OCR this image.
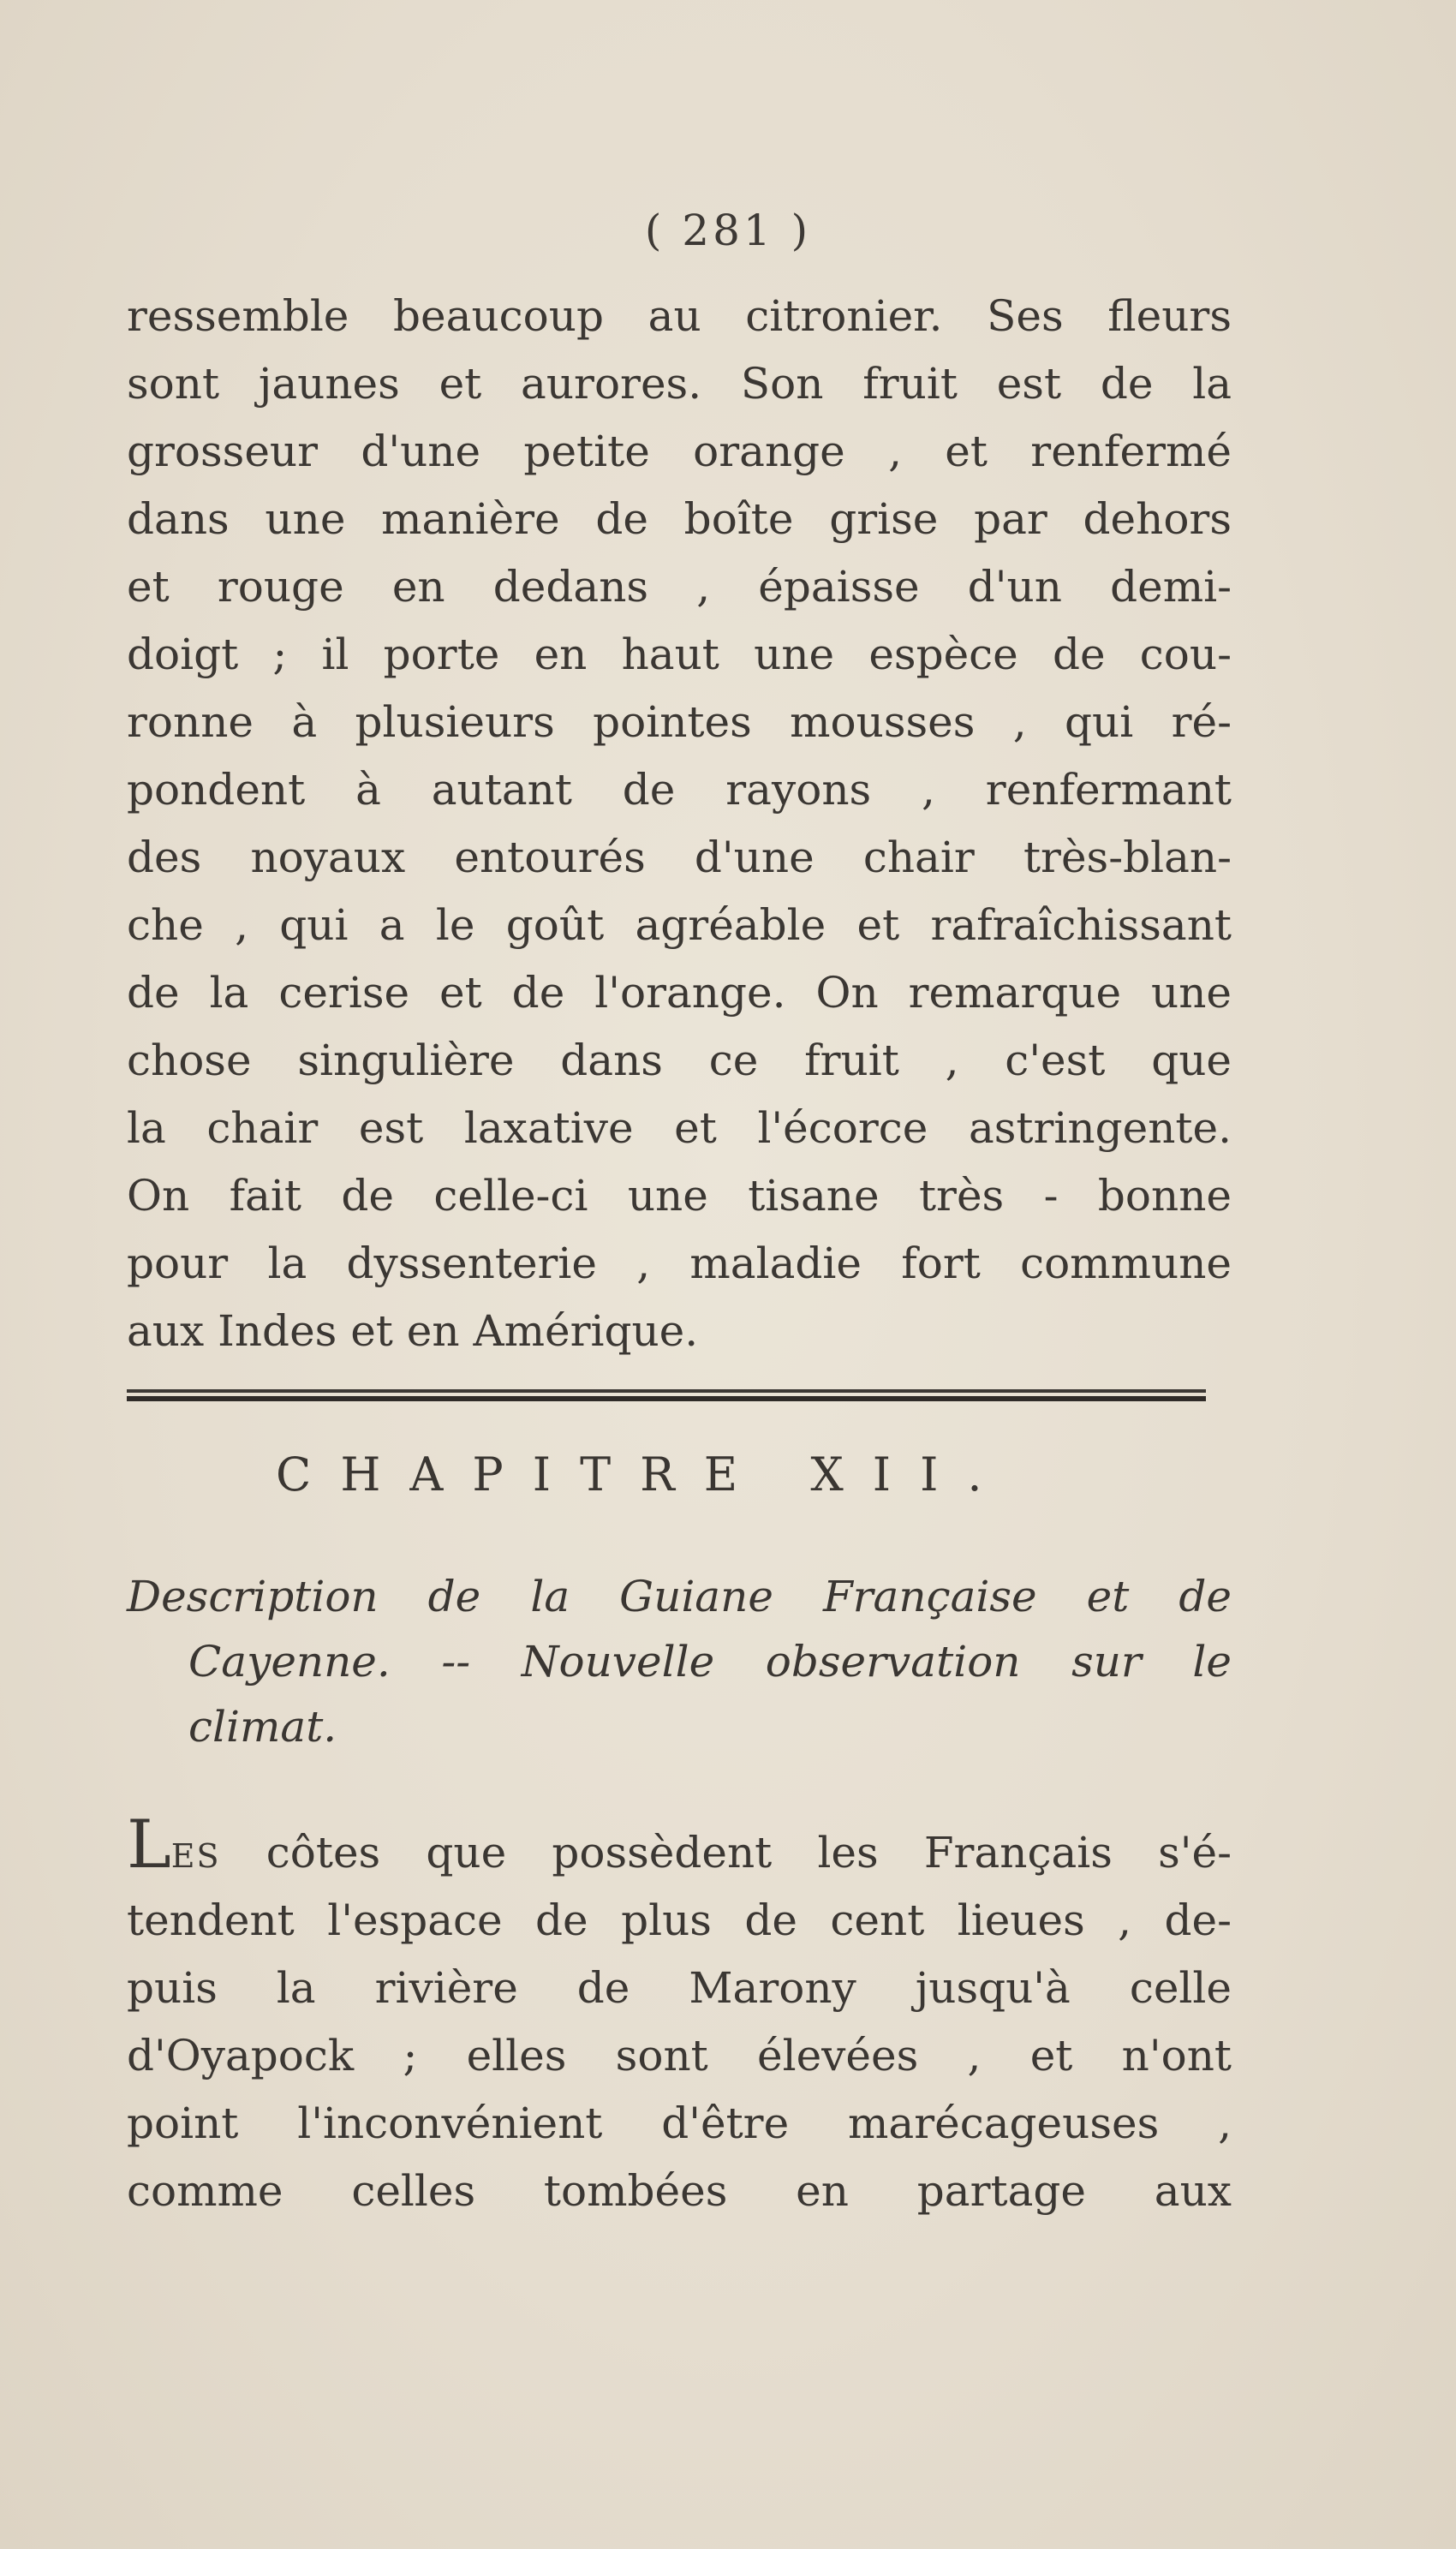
( 281 )
ressemble beaucoup au citronier. Ses fleurs
sont jaunes et aurores. Son fruit est de la
grosseur d'une petite orange , et renfermé
dans une manière de boîte grise par dehors
et rouge en dedans , épaisse d'un demi-
doigt ; il porte en haut une espèce de cou-
ronne à plusieurs pointes mousses , qui ré-
pondent à autant de rayons , renfermant
des noyaux entourés d'une chair très-blan-
che , qui a le goût agréable et rafraîchissant
de la cerise et de l'orange. On remarque une
chose singulière dans ce fruit , c'est que
la chair est laxative et l'écorce astringente.
On fait de celle-ci une tisane très - bonne
pour la dyssenterie , maladie fort commune
aux Indes et en Amérique.
CHAPITRE XII.
Description de la Guiane Française et de
Cayenne. -- Nouvelle observation sur le
climat.
LES côtes que possèdent les Français s'é-
tendent l'espace de plus de cent lieues , de-
puis la rivière de Marony jusqu'à celle
d'Oyapock ; elles sont élevées , et n'ont
point l'inconvénient d'être marécageuses ,
comme celles tombées en partage aux
